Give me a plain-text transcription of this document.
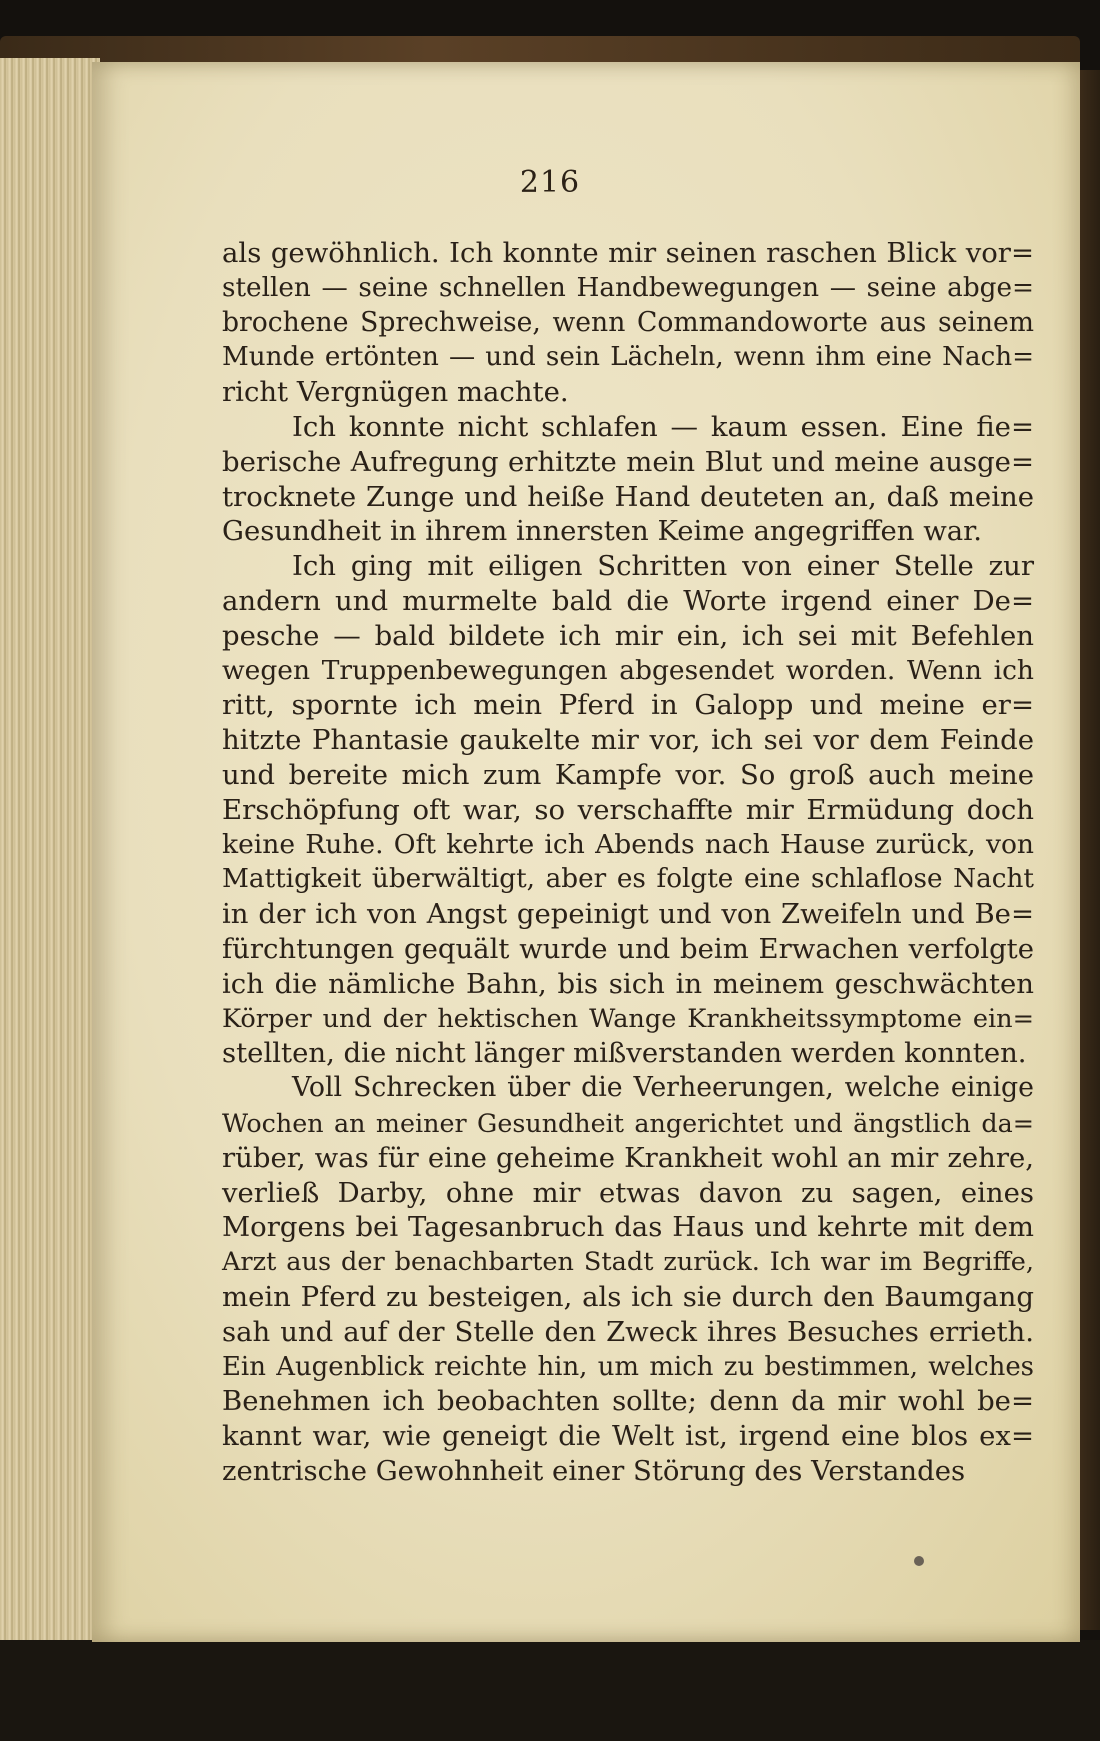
216
als gewöhnlich. Ich konnte mir seinen raschen Blick vor=
stellen — seine schnellen Handbewegungen — seine abge=
brochene Sprechweise, wenn Commandoworte aus seinem
Munde ertönten — und sein Lächeln, wenn ihm eine Nach=
richt Vergnügen machte.
Ich konnte nicht schlafen — kaum essen. Eine fie=
berische Aufregung erhitzte mein Blut und meine ausge=
trocknete Zunge und heiße Hand deuteten an, daß meine
Gesundheit in ihrem innersten Keime angegriffen war.
Ich ging mit eiligen Schritten von einer Stelle zur
andern und murmelte bald die Worte irgend einer De=
pesche — bald bildete ich mir ein, ich sei mit Befehlen
wegen Truppenbewegungen abgesendet worden. Wenn ich
ritt, spornte ich mein Pferd in Galopp und meine er=
hitzte Phantasie gaukelte mir vor, ich sei vor dem Feinde
und bereite mich zum Kampfe vor. So groß auch meine
Erschöpfung oft war, so verschaffte mir Ermüdung doch
keine Ruhe. Oft kehrte ich Abends nach Hause zurück, von
Mattigkeit überwältigt, aber es folgte eine schlaflose Nacht
in der ich von Angst gepeinigt und von Zweifeln und Be=
fürchtungen gequält wurde und beim Erwachen verfolgte
ich die nämliche Bahn, bis sich in meinem geschwächten
Körper und der hektischen Wange Krankheitssymptome ein=
stellten, die nicht länger mißverstanden werden konnten.
Voll Schrecken über die Verheerungen, welche einige
Wochen an meiner Gesundheit angerichtet und ängstlich da=
rüber, was für eine geheime Krankheit wohl an mir zehre,
verließ Darby, ohne mir etwas davon zu sagen, eines
Morgens bei Tagesanbruch das Haus und kehrte mit dem
Arzt aus der benachbarten Stadt zurück. Ich war im Begriffe,
mein Pferd zu besteigen, als ich sie durch den Baumgang
sah und auf der Stelle den Zweck ihres Besuches errieth.
Ein Augenblick reichte hin, um mich zu bestimmen, welches
Benehmen ich beobachten sollte; denn da mir wohl be=
kannt war, wie geneigt die Welt ist, irgend eine blos ex=
zentrische Gewohnheit einer Störung des Verstandes
